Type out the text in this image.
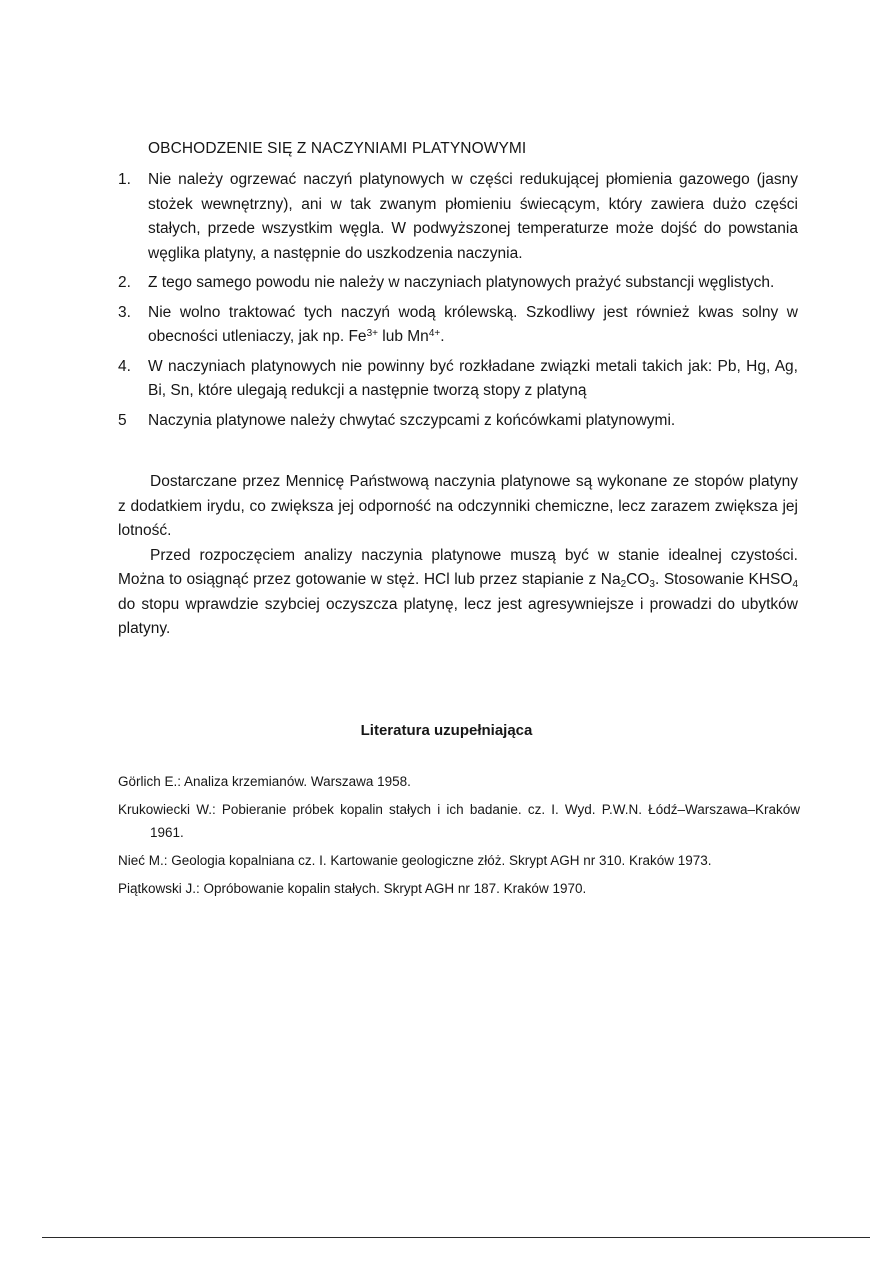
OBCHODZENIE SIĘ Z NACZYNIAMI PLATYNOWYMI
1. Nie należy ogrzewać naczyń platynowych w części redukującej płomienia gazowego (jasny stożek wewnętrzny), ani w tak zwanym płomieniu świecącym, który zawiera dużo części stałych, przede wszystkim węgla. W podwyższonej temperaturze może dojść do powstania węglika platyny, a następnie do uszkodzenia naczynia.
2. Z tego samego powodu nie należy w naczyniach platynowych prażyć substancji węglistych.
3. Nie wolno traktować tych naczyń wodą królewską. Szkodliwy jest również kwas solny w obecności utleniaczy, jak np. $Fe^{3+}$ lub $Mn^{4+}$.
4. W naczyniach platynowych nie powinny być rozkładane związki metali takich jak: Pb, Hg, Ag, Bi, Sn, które ulegają redukcji a następnie tworzą stopy z platyną
5 Naczynia platynowe należy chwytać szczypcami z końcówkami platynowymi.

Dostarczane przez Mennicę Państwową naczynia platynowe są wykonane ze stopów platyny z dodatkiem irydu, co zwiększa jej odporność na odczynniki chemiczne, lecz zarazem zwiększa jej lotność.

Przed rozpoczęciem analizy naczynia platynowe muszą być w stanie idealnej czystości. Można to osiągnąć przez gotowanie w stęż. HCl lub przez stapianie z $Na_2CO_3$. Stosowanie $KHSO_4$ do stopu wprawdzie szybciej oczyszcza platynę, lecz jest agresywniejsze i prowadzi do ubytków platyny.

Literatura uzupełniająca
Görlich E.: Analiza krzemianów. Warszawa 1958.
Krukowiecki W.: Pobieranie próbek kopalin stałych i ich badanie. cz. I. Wyd. P.W.N. Łódź–Warszawa–Kraków 1961.
Nieć M.: Geologia kopalniana cz. I. Kartowanie geologiczne złóż. Skrypt AGH nr 310. Kraków 1973.
Piątkowski J.: Opróbowanie kopalin stałych. Skrypt AGH nr 187. Kraków 1970.
